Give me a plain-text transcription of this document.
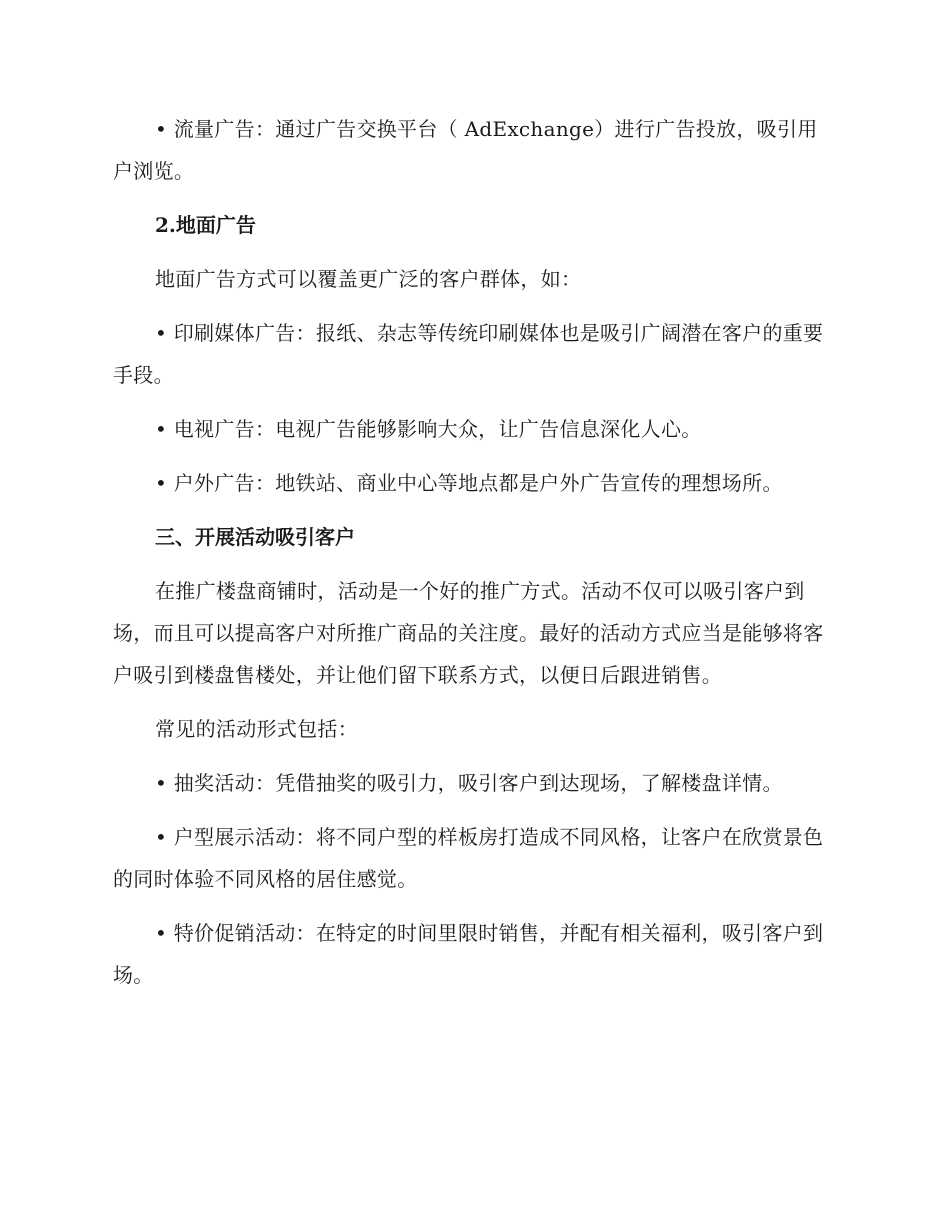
• 流量广告：通过广告交换平台（ AdExchange）进行广告投放，吸引用户浏览。

2.地面广告

地面广告方式可以覆盖更广泛的客户群体，如：

• 印刷媒体广告：报纸、杂志等传统印刷媒体也是吸引广阔潜在客户的重要手段。

• 电视广告：电视广告能够影响大众，让广告信息深化人心。

• 户外广告：地铁站、商业中心等地点都是户外广告宣传的理想场所。

三、开展活动吸引客户

在推广楼盘商铺时，活动是一个好的推广方式。活动不仅可以吸引客户到场，而且可以提高客户对所推广商品的关注度。最好的活动方式应当是能够将客户吸引到楼盘售楼处，并让他们留下联系方式，以便日后跟进销售。

常见的活动形式包括：

• 抽奖活动：凭借抽奖的吸引力，吸引客户到达现场，了解楼盘详情。

• 户型展示活动：将不同户型的样板房打造成不同风格，让客户在欣赏景色的同时体验不同风格的居住感觉。

• 特价促销活动：在特定的时间里限时销售，并配有相关福利，吸引客户到场。
